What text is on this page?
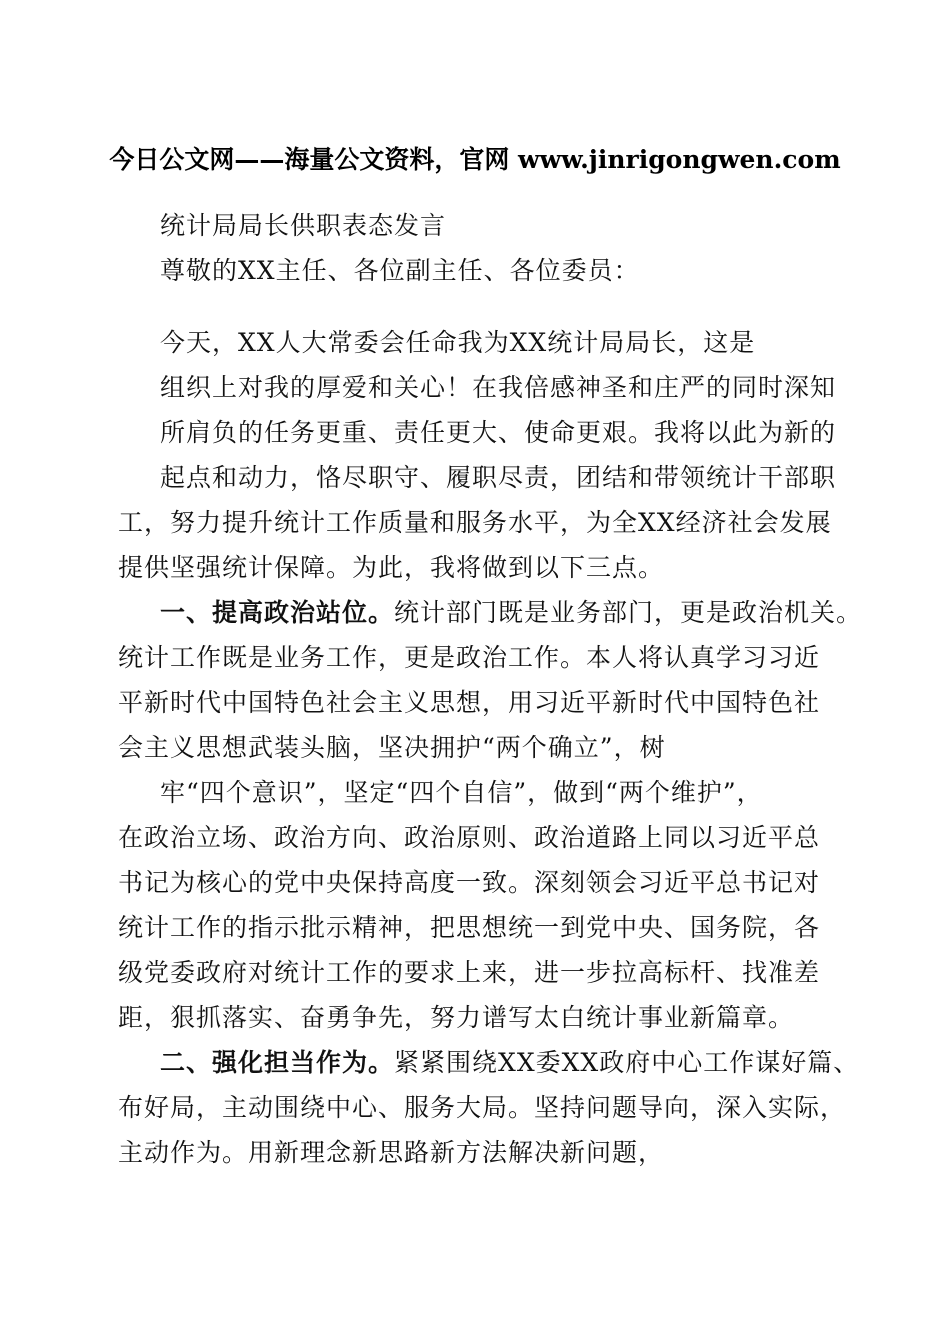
今日公文网——海量公文资料，官网 www.jinrigongwen.com
统计局局长供职表态发言
尊敬的XX主任、各位副主任、各位委员：
今天，XX人大常委会任命我为XX统计局局长，这是
组织上对我的厚爱和关心！在我倍感神圣和庄严的同时深知
所肩负的任务更重、责任更大、使命更艰。我将以此为新的
起点和动力，恪尽职守、履职尽责，团结和带领统计干部职
工，努力提升统计工作质量和服务水平，为全XX经济社会发展
提供坚强统计保障。为此，我将做到以下三点。
一、提高政治站位。统计部门既是业务部门，更是政治机关。
统计工作既是业务工作，更是政治工作。本人将认真学习习近
平新时代中国特色社会主义思想，用习近平新时代中国特色社
会主义思想武装头脑，坚决拥护“两个确立”，树
牢“四个意识”，坚定“四个自信”，做到“两个维护”，
在政治立场、政治方向、政治原则、政治道路上同以习近平总
书记为核心的党中央保持高度一致。深刻领会习近平总书记对
统计工作的指示批示精神，把思想统一到党中央、国务院，各
级党委政府对统计工作的要求上来，进一步拉高标杆、找准差
距，狠抓落实、奋勇争先，努力谱写太白统计事业新篇章。
二、强化担当作为。紧紧围绕XX委XX政府中心工作谋好篇、
布好局，主动围绕中心、服务大局。坚持问题导向，深入实际，
主动作为。用新理念新思路新方法解决新问题，
